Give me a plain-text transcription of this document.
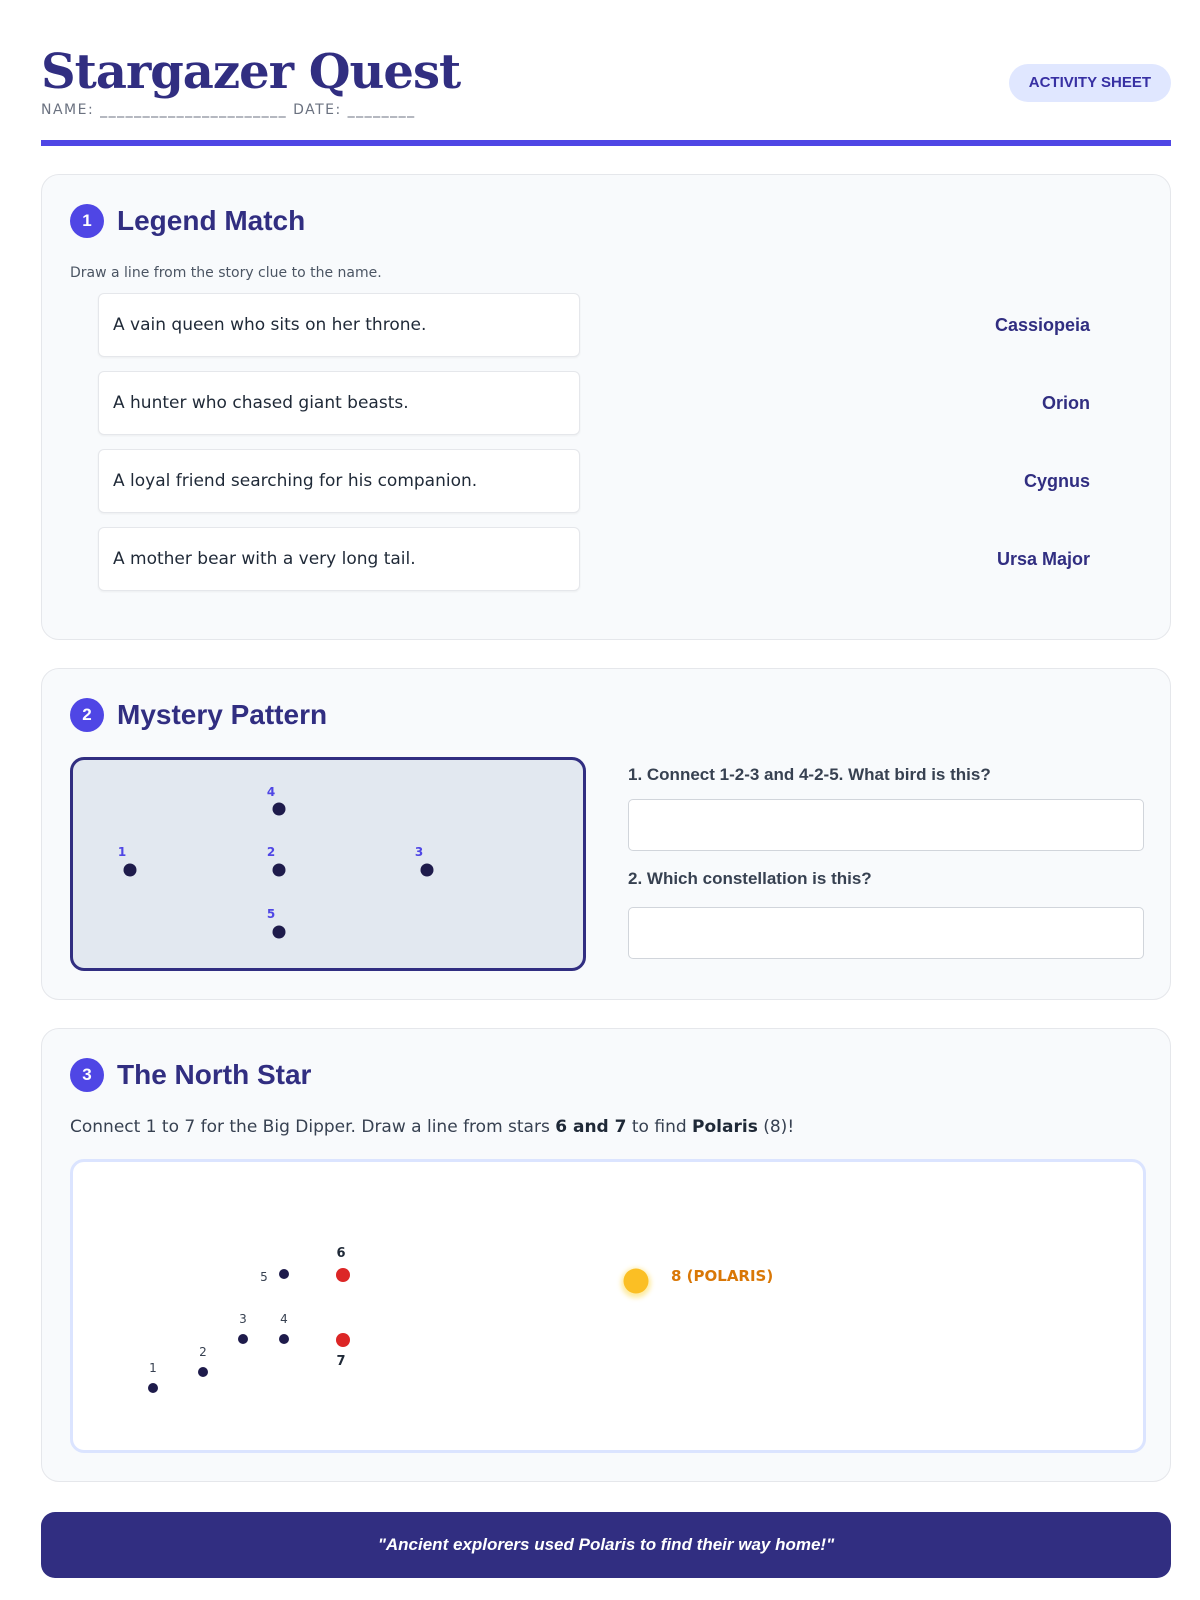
Stargazer Quest
NAME: ______________________ DATE: ________
ACTIVITY SHEET
1 Legend Match
Draw a line from the story clue to the name.
A vain queen who sits on her throne.
A hunter who chased giant beasts.
A loyal friend searching for his companion.
A mother bear with a very long tail.
Cassiopeia
Orion
Cygnus
Ursa Major
2 Mystery Pattern
4
1	2	3
5
1. Connect 1-2-3 and 4-2-5. What bird is this?
2. Which constellation is this?
3 The North Star
Connect 1 to 7 for the Big Dipper. Draw a line from stars 6 and 7 to find Polaris (8)!
1
2
3	4
5
6
7
8 (POLARIS)
"Ancient explorers used Polaris to find their way home!"
